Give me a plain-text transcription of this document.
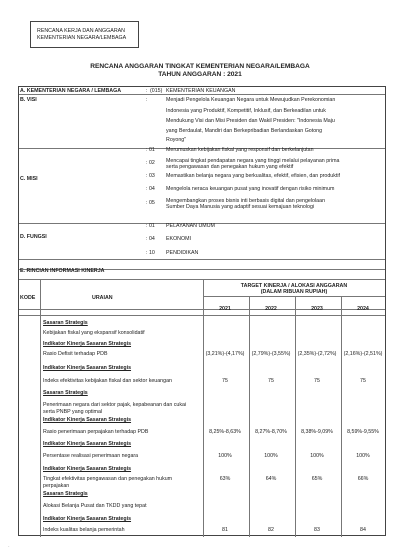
RENCANA KERJA DAN ANGGARAN
KEMENTERIAN NEGARA/LEMBAGA
RENCANA ANGGARAN TINGKAT KEMENTERIAN NEGARA/LEMBAGA
TAHUN ANGGARAN : 2021
A. KEMENTERIAN NEGARA / LEMBAGA	: (015) KEMENTERIAN KEUANGAN
B. VISI	:	Menjadi Pengelola Keuangan Negara untuk Mewujudkan Perekonomian
Indonesia yang Produktif, Kompetitif, Inklusif, dan Berkeadilan untuk
Mendukung Visi dan Misi Presiden dan Wakil Presiden: "Indonesia Maju
yang Berdaulat, Mandiri dan Berkepribadian Berlandaskan Gotong
Royong"
C. MISI
: 01 Merumuskan kebijakan fiskal yang responsif dan berkelanjutan
: 02 Mencapai tingkat pendapatan negara yang tinggi melalui pelayanan prima
serta pengawasan dan penegakan hukum yang efektif
: 03 Memastikan belanja negara yang berkualitas, efektif, efisien, dan produktif
: 04 Mengelola neraca keuangan pusat yang inovatif dengan risiko minimum
: 05 Mengembangkan proses bisnis inti berbasis digital dan pengelolaan
Sumber Daya Manusia yang adaptif sesuai kemajuan teknologi
D. FUNGSI
: 01 PELAYANAN UMUM
: 04 EKONOMI
: 10 PENDIDIKAN
E. RINCIAN INFORMASI KINERJA
KODE	URAIAN
TARGET KINERJA / ALOKASI ANGGARAN
(DALAM RIBUAN RUPIAH)
2021	2022	2023	2024
Sasaran Strategis
Kebijakan fiskal yang ekspansif konsolidatif
Indikator Kinerja Sasaran Strategis
Rasio Defisit terhadap PDB	(3,21%)-(4,17%)	(2,79%)-(3,55%)	(2,35%)-(2,72%)	(2,16%)-(2,51%)
Indikator Kinerja Sasaran Strategis
Indeks efektivitas kebijakan fiskal dan sektor keuangan	75	75	75	75
Sasaran Strategis
Penerimaan negara dari sektor pajak, kepabeanan dan cukai serta PNBP yang optimal
Indikator Kinerja Sasaran Strategis
Rasio penerimaan perpajakan terhadap PDB	8,25%-8,63%	8,27%-8,70%	8,38%-9,09%	8,59%-9,55%
Indikator Kinerja Sasaran Strategis
Persentase realisasi penerimaan negara	100%	100%	100%	100%
Indikator Kinerja Sasaran Strategis
Tingkat efektivitas pengawasan dan penegakan hukum perpajakan
63%	64%	65%	66%
Sasaran Strategis
Alokasi Belanja Pusat dan TKDD yang tepat
Indikator Kinerja Sasaran Strategis
Indeks kualitas belanja pemerintah	81	82	83	84
·
